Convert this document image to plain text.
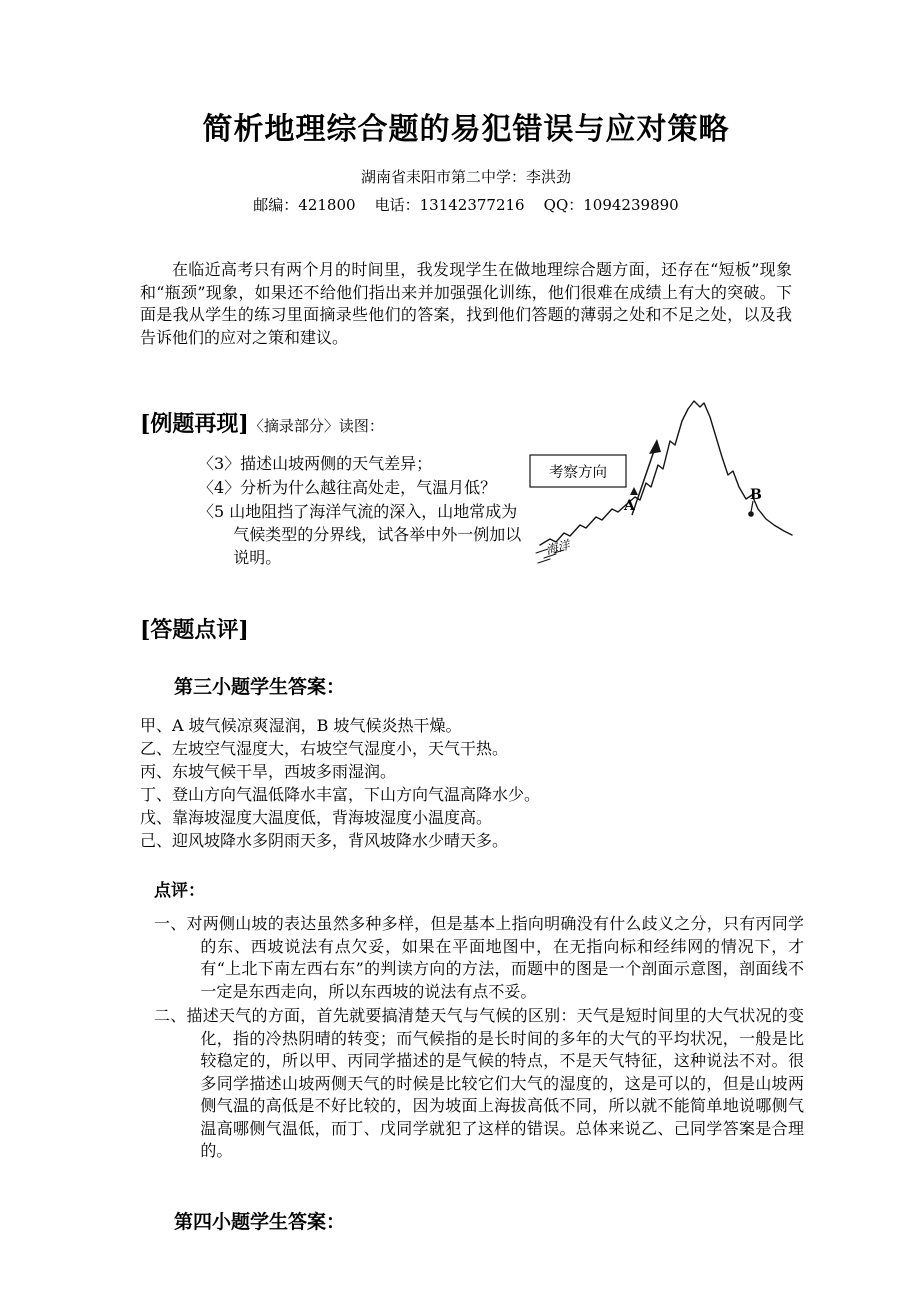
简析地理综合题的易犯错误与应对策略
湖南省耒阳市第二中学：李洪劲
邮编：421800    电话：13142377216    QQ：1094239890

在临近高考只有两个月的时间里，我发现学生在做地理综合题方面，还存在“短板”现象和“瓶颈”现象，如果还不给他们指出来并加强强化训练，他们很难在成绩上有大的突破。下面是我从学生的练习里面摘录些他们的答案，找到他们答题的薄弱之处和不足之处，以及我告诉他们的应对之策和建议。

[例题再现]〈摘录部分〉读图：

〈3〉描述山坡两侧的天气差异；
〈4〉分析为什么越往高处走，气温月低？
〈5 山地阻挡了海洋气流的深入，山地常成为气候类型的分界线，试各举中外一例加以说明。
海洋
考察方向
A
B
[答题点评]
第三小题学生答案：
甲、A 坡气候凉爽湿润，B 坡气候炎热干燥。
乙、左坡空气湿度大，右坡空气湿度小，天气干热。
丙、东坡气候干旱，西坡多雨湿润。
丁、登山方向气温低降水丰富，下山方向气温高降水少。
戊、靠海坡湿度大温度低，背海坡湿度小温度高。
己、迎风坡降水多阴雨天多，背风坡降水少晴天多。
点评：
一、对两侧山坡的表达虽然多种多样，但是基本上指向明确没有什么歧义之分，只有丙同学的东、西坡说法有点欠妥，如果在平面地图中，在无指向标和经纬网的情况下，才有“上北下南左西右东”的判读方向的方法，而题中的图是一个剖面示意图，剖面线不一定是东西走向，所以东西坡的说法有点不妥。
二、描述天气的方面，首先就要搞清楚天气与气候的区别：天气是短时间里的大气状况的变化，指的冷热阴晴的转变；而气候指的是长时间的多年的大气的平均状况，一般是比较稳定的，所以甲、丙同学描述的是气候的特点，不是天气特征，这种说法不对。很多同学描述山坡两侧天气的时候是比较它们大气的湿度的，这是可以的，但是山坡两侧气温的高低是不好比较的，因为坡面上海拔高低不同，所以就不能简单地说哪侧气温高哪侧气温低，而丁、戊同学就犯了这样的错误。总体来说乙、己同学答案是合理的。
第四小题学生答案：
